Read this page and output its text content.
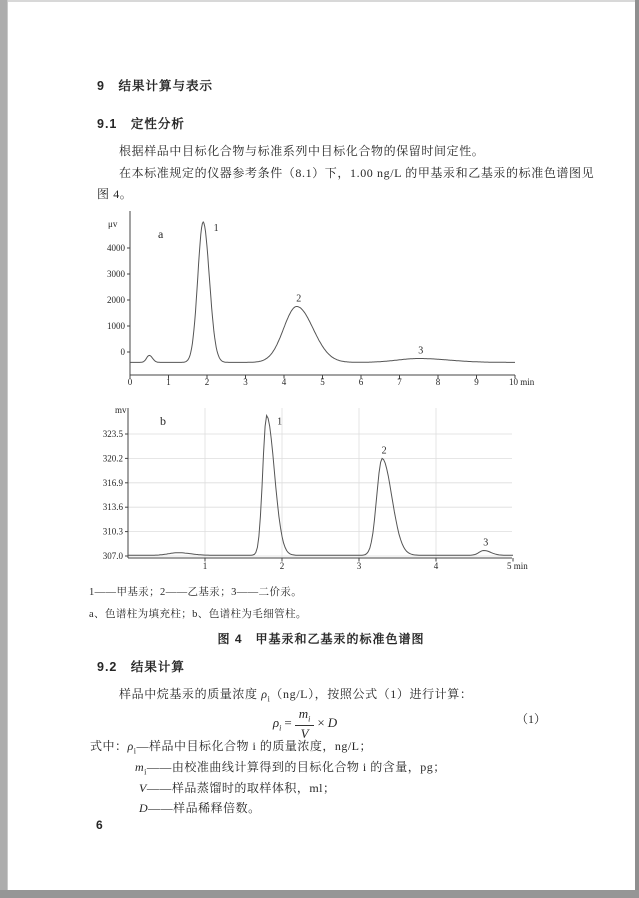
9　结果计算与表示
9.1　定性分析

根据样品中目标化合物与标准系列中目标化合物的保留时间定性。

在本标准规定的仪器参考条件（8.1）下，1.00 ng/L 的甲基汞和乙基汞的标准色谱图见

图 4。

0
1000
2000
3000
4000
0	1	2	3	4	5	6	7	8	9	10 min
μv
a	1
2
3
307.0
310.3
313.6
316.9
320.2
323.5
1	2	3	4	5 min
mv
b	1
2
3

1——甲基汞；2——乙基汞；3——二价汞。

a、色谱柱为填充柱；b、色谱柱为毛细管柱。

图 4　甲基汞和乙基汞的标准色谱图

9.2　结果计算

样品中烷基汞的质量浓度 $\rho_i(ng/L)$，按照公式（1）进行计算：

$\rho_i = \frac{m_i}{V} \times D$	（1）

式中：$\rho_i—$样品中目标化合物 i 的质量浓度，ng/L；

$m_i——$由校准曲线计算得到的目标化合物 i 的含量，pg；

V——样品蒸馏时的取样体积，ml；

D——样品稀释倍数。

6
